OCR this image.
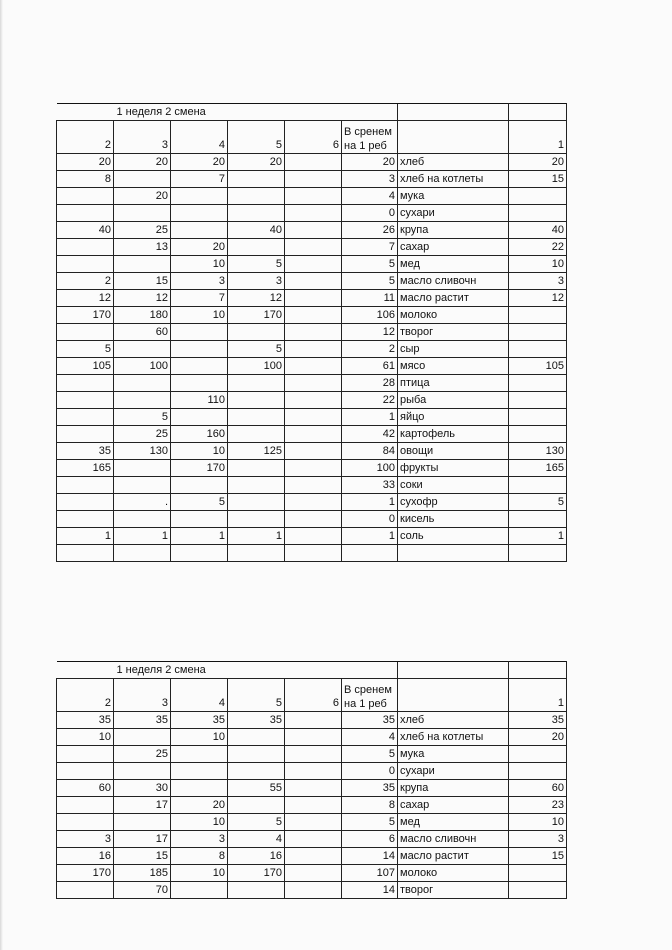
1 неделя 2 смена							
2	3	4	5	6	В сренем
на 1 реб		1
20	20	20	20		20	хлеб	20
8		7			3	хлеб на котлеты	15
	20				4	мука	
					0	сухари	
40	25		40		26	крупа	40
	13	20			7	сахар	22
		10	5		5	мед	10
2	15	3	3		5	масло сливочн	3
12	12	7	12		11	масло растит	12
170	180	10	170		106	молоко	
	60				12	творог	
5			5		2	сыр	
105	100		100		61	мясо	105
					28	птица	
		110			22	рыба	
	5				1	яйцо	
	25	160			42	картофель	
35	130	10	125		84	овощи	130
165		170			100	фрукты	165
					33	соки	
	.	5			1	сухофр	5
					0	кисель	
1	1	1	1		1	соль	1

1 неделя 2 смена							
2	3	4	5	6	В сренем
на 1 реб		1
35	35	35	35		35	хлеб	35
10		10			4	хлеб на котлеты	20
	25				5	мука	
					0	сухари	
60	30		55		35	крупа	60
	17	20			8	сахар	23
		10	5		5	мед	10
3	17	3	4		6	масло сливочн	3
16	15	8	16		14	масло растит	15
170	185	10	170		107	молоко	
	70				14	творог	
